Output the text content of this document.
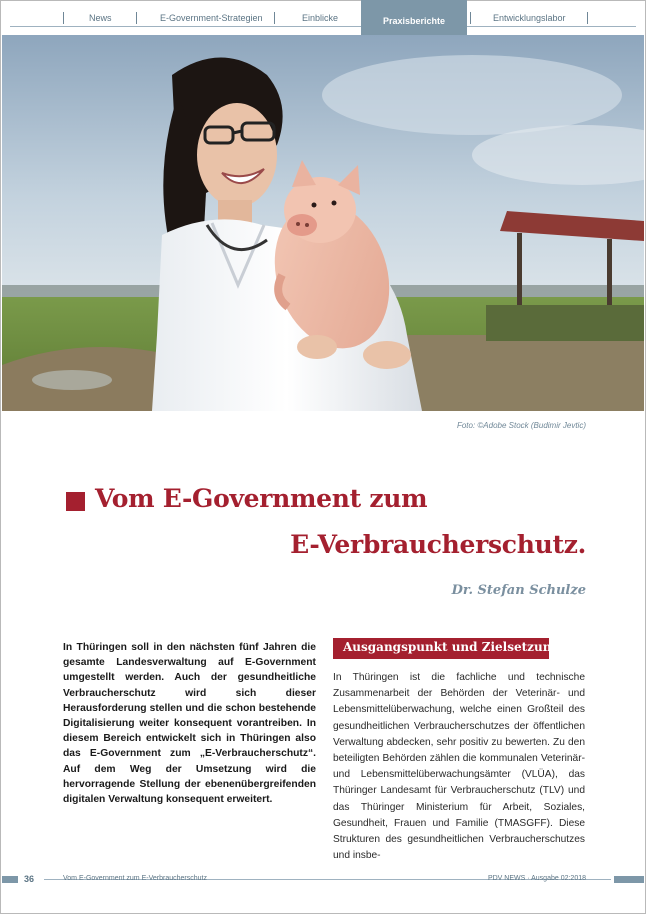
News	E-Government-Strategien	Einblicke	Praxisberichte	Entwicklungslabor
Foto: ©Adobe Stock (Budimir Jevtic)
Vom E-Government zum
E-Verbraucherschutz.
Dr. Stefan Schulze

In Thüringen soll in den nächsten fünf Jahren die gesamte Landesverwaltung auf E-Government umgestellt werden. Auch der gesundheitliche Verbraucherschutz wird sich dieser Herausforderung stellen und die schon bestehende Digitalisierung weiter konsequent vorantreiben. In diesem Bereich entwickelt sich in Thüringen also das E-Government zum „E-Verbraucherschutz“. Auf dem Weg der Umsetzung wird die hervorragende Stellung der ebenenübergreifenden digitalen Verwaltung konsequent erweitert.

Ausgangspunkt und Zielsetzung

In Thüringen ist die fachliche und technische Zusammenarbeit der Behörden der Veterinär- und Lebensmittelüberwachung, welche einen Großteil des gesundheitlichen Verbraucherschutzes der öffentlichen Verwaltung abdecken, sehr positiv zu bewerten. Zu den beteiligten Behörden zählen die kommunalen Veterinär- und Lebensmittelüberwachungsämter (VLÜA), das Thüringer Landesamt für Verbraucherschutz (TLV) und das Thüringer Ministerium für Arbeit, Soziales, Gesundheit, Frauen und Familie (TMASGFF). Diese Strukturen des gesundheitlichen Verbraucherschutzes und insbe-

36	Vom E-Government zum E-Verbraucherschutz	PDV NEWS · Ausgabe 02:2018
